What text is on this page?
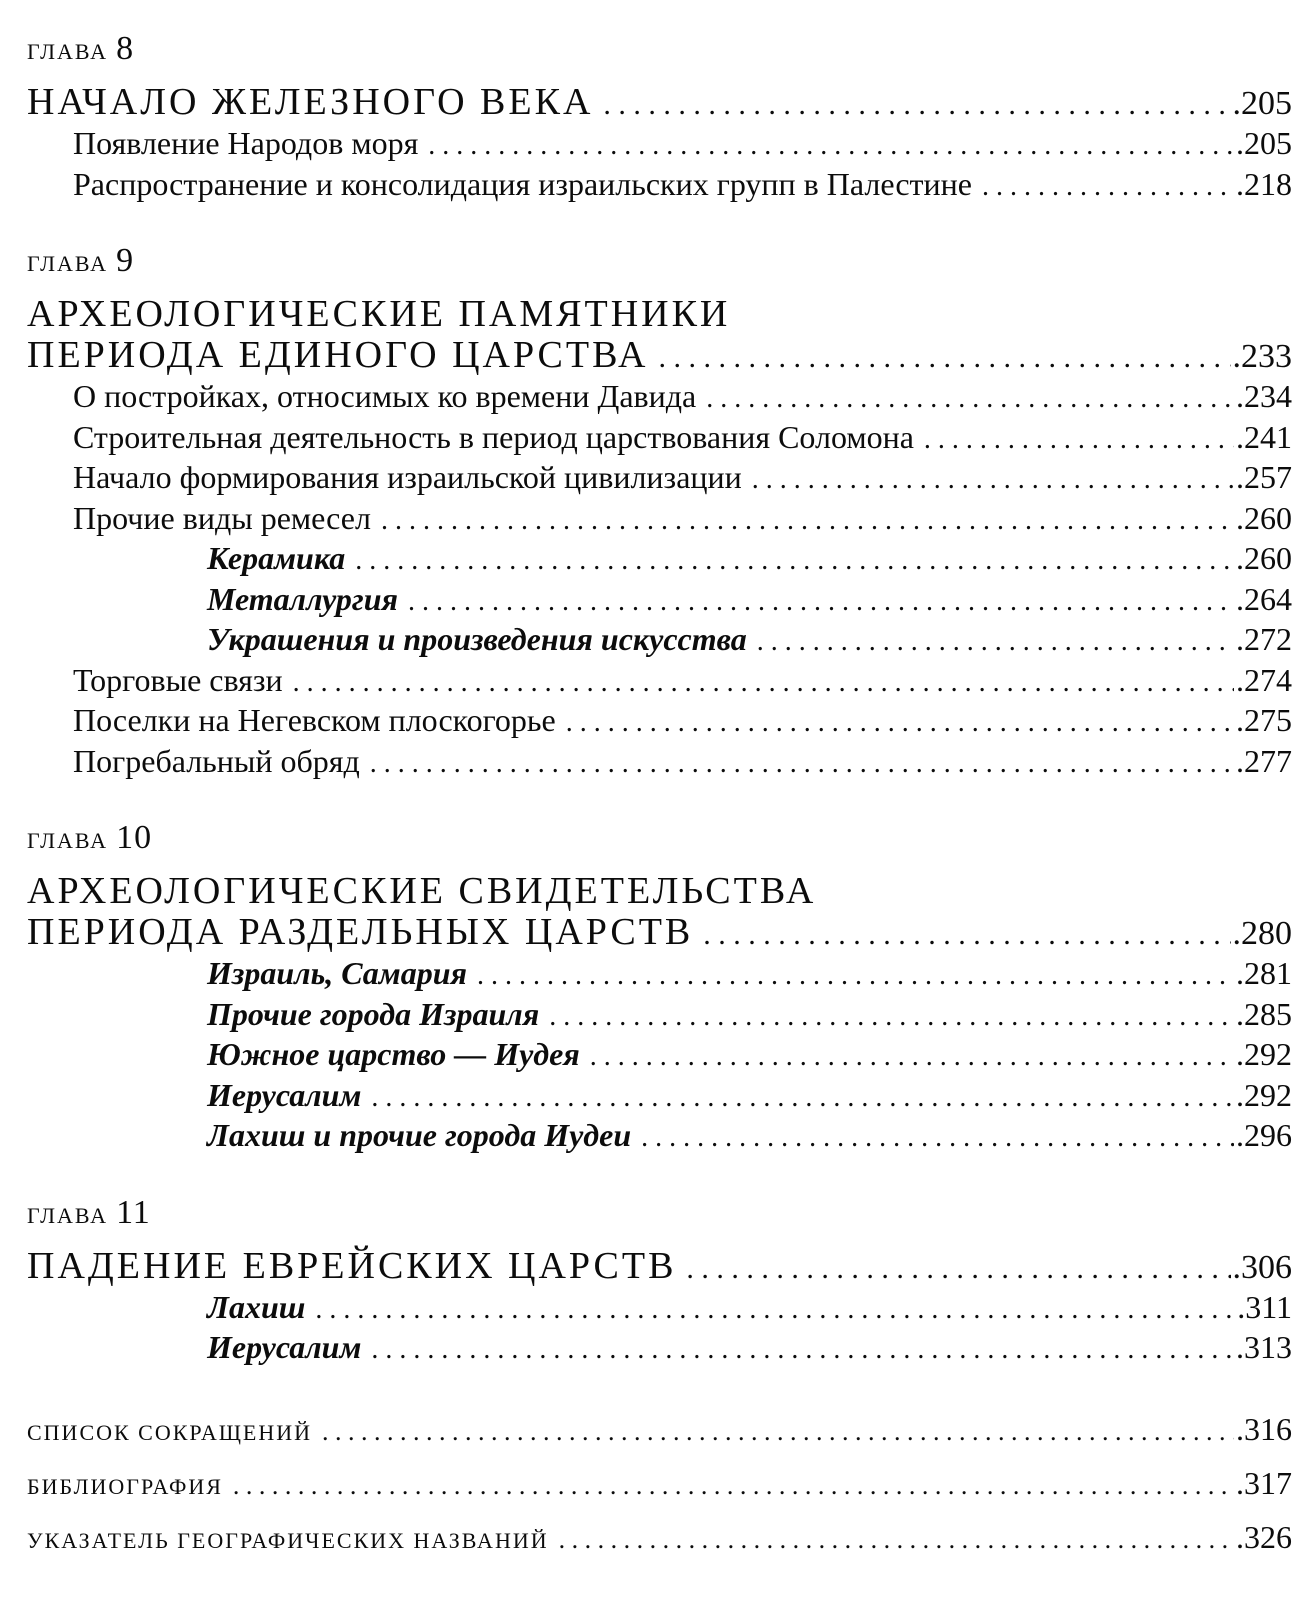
ГЛАВА 8
НАЧАЛО ЖЕЛЕЗНОГО ВЕКА . . .	.205
Появление Народов моря . . .	.205
Распространение и консолидация израильских групп в Палестине . . .	.218
ГЛАВА 9
АРХЕОЛОГИЧЕСКИЕ ПАМЯТНИКИ
ПЕРИОДА ЕДИНОГО ЦАРСТВА . . .	.233
О постройках, относимых ко времени Давида . . .	.234
Строительная деятельность в период царствования Соломона . . .	.241
Начало формирования израильской цивилизации . . .	.257
Прочие виды ремесел . . .	.260
Керамика . . .	.260
Металлургия . . .	.264
Украшения и произведения искусства . . .	.272
Торговые связи . . .	.274
Поселки на Негевском плоскогорье . . .	.275
Погребальный обряд . . .	.277
ГЛАВА 10
АРХЕОЛОГИЧЕСКИЕ СВИДЕТЕЛЬСТВА
ПЕРИОДА РАЗДЕЛЬНЫХ ЦАРСТВ . . .	.280
Израиль, Самария . . .	.281
Прочие города Израиля . . .	.285
Южное царство — Иудея . . .	.292
Иерусалим . . .	.292
Лахиш и прочие города Иудеи . . .	.296
ГЛАВА 11
ПАДЕНИЕ ЕВРЕЙСКИХ ЦАРСТВ . . .	.306
Лахиш . . .	.311
Иерусалим . . .	.313
СПИСОК СОКРАЩЕНИЙ . . .	.316
БИБЛИОГРАФИЯ . . .	.317
УКАЗАТЕЛЬ ГЕОГРАФИЧЕСКИХ НАЗВАНИЙ . . .	.326
